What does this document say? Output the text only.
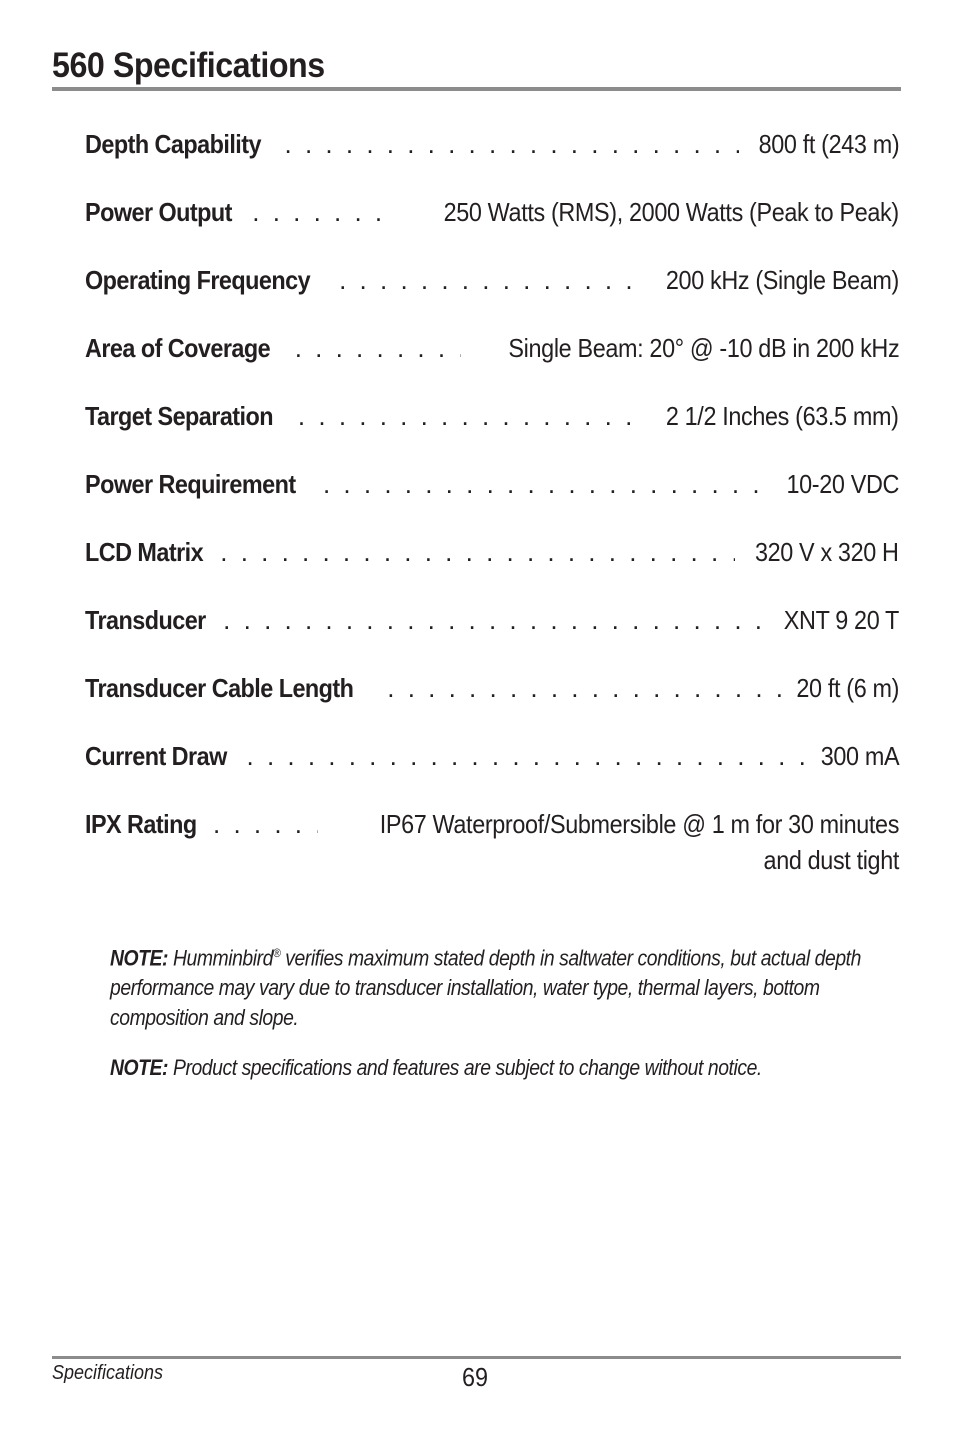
560 Specifications
Depth Capability . . .	800 ft (243 m)
Power Output . . .	250 Watts (RMS), 2000 Watts (Peak to Peak)
Operating Frequency . . .	200 kHz (Single Beam)
Area of Coverage . . .	Single Beam: 20° @ -10 dB in 200 kHz
Target Separation . . .	2 1/2 Inches (63.5 mm)
Power Requirement . . .	10-20 VDC
LCD Matrix . . .	320 V x 320 H
Transducer . . .	XNT 9 20 T
Transducer Cable Length . . .	20 ft (6 m)
Current Draw . . .	300 mA
IPX Rating . . .	IP67 Waterproof/Submersible @ 1 m for 30 minutes
and dust tight

NOTE: Humminbird® verifies maximum stated depth in saltwater conditions, but actual depth performance may vary due to transducer installation, water type, thermal layers, bottom composition and slope.

NOTE: Product specifications and features are subject to change without notice.

Specifications	69
